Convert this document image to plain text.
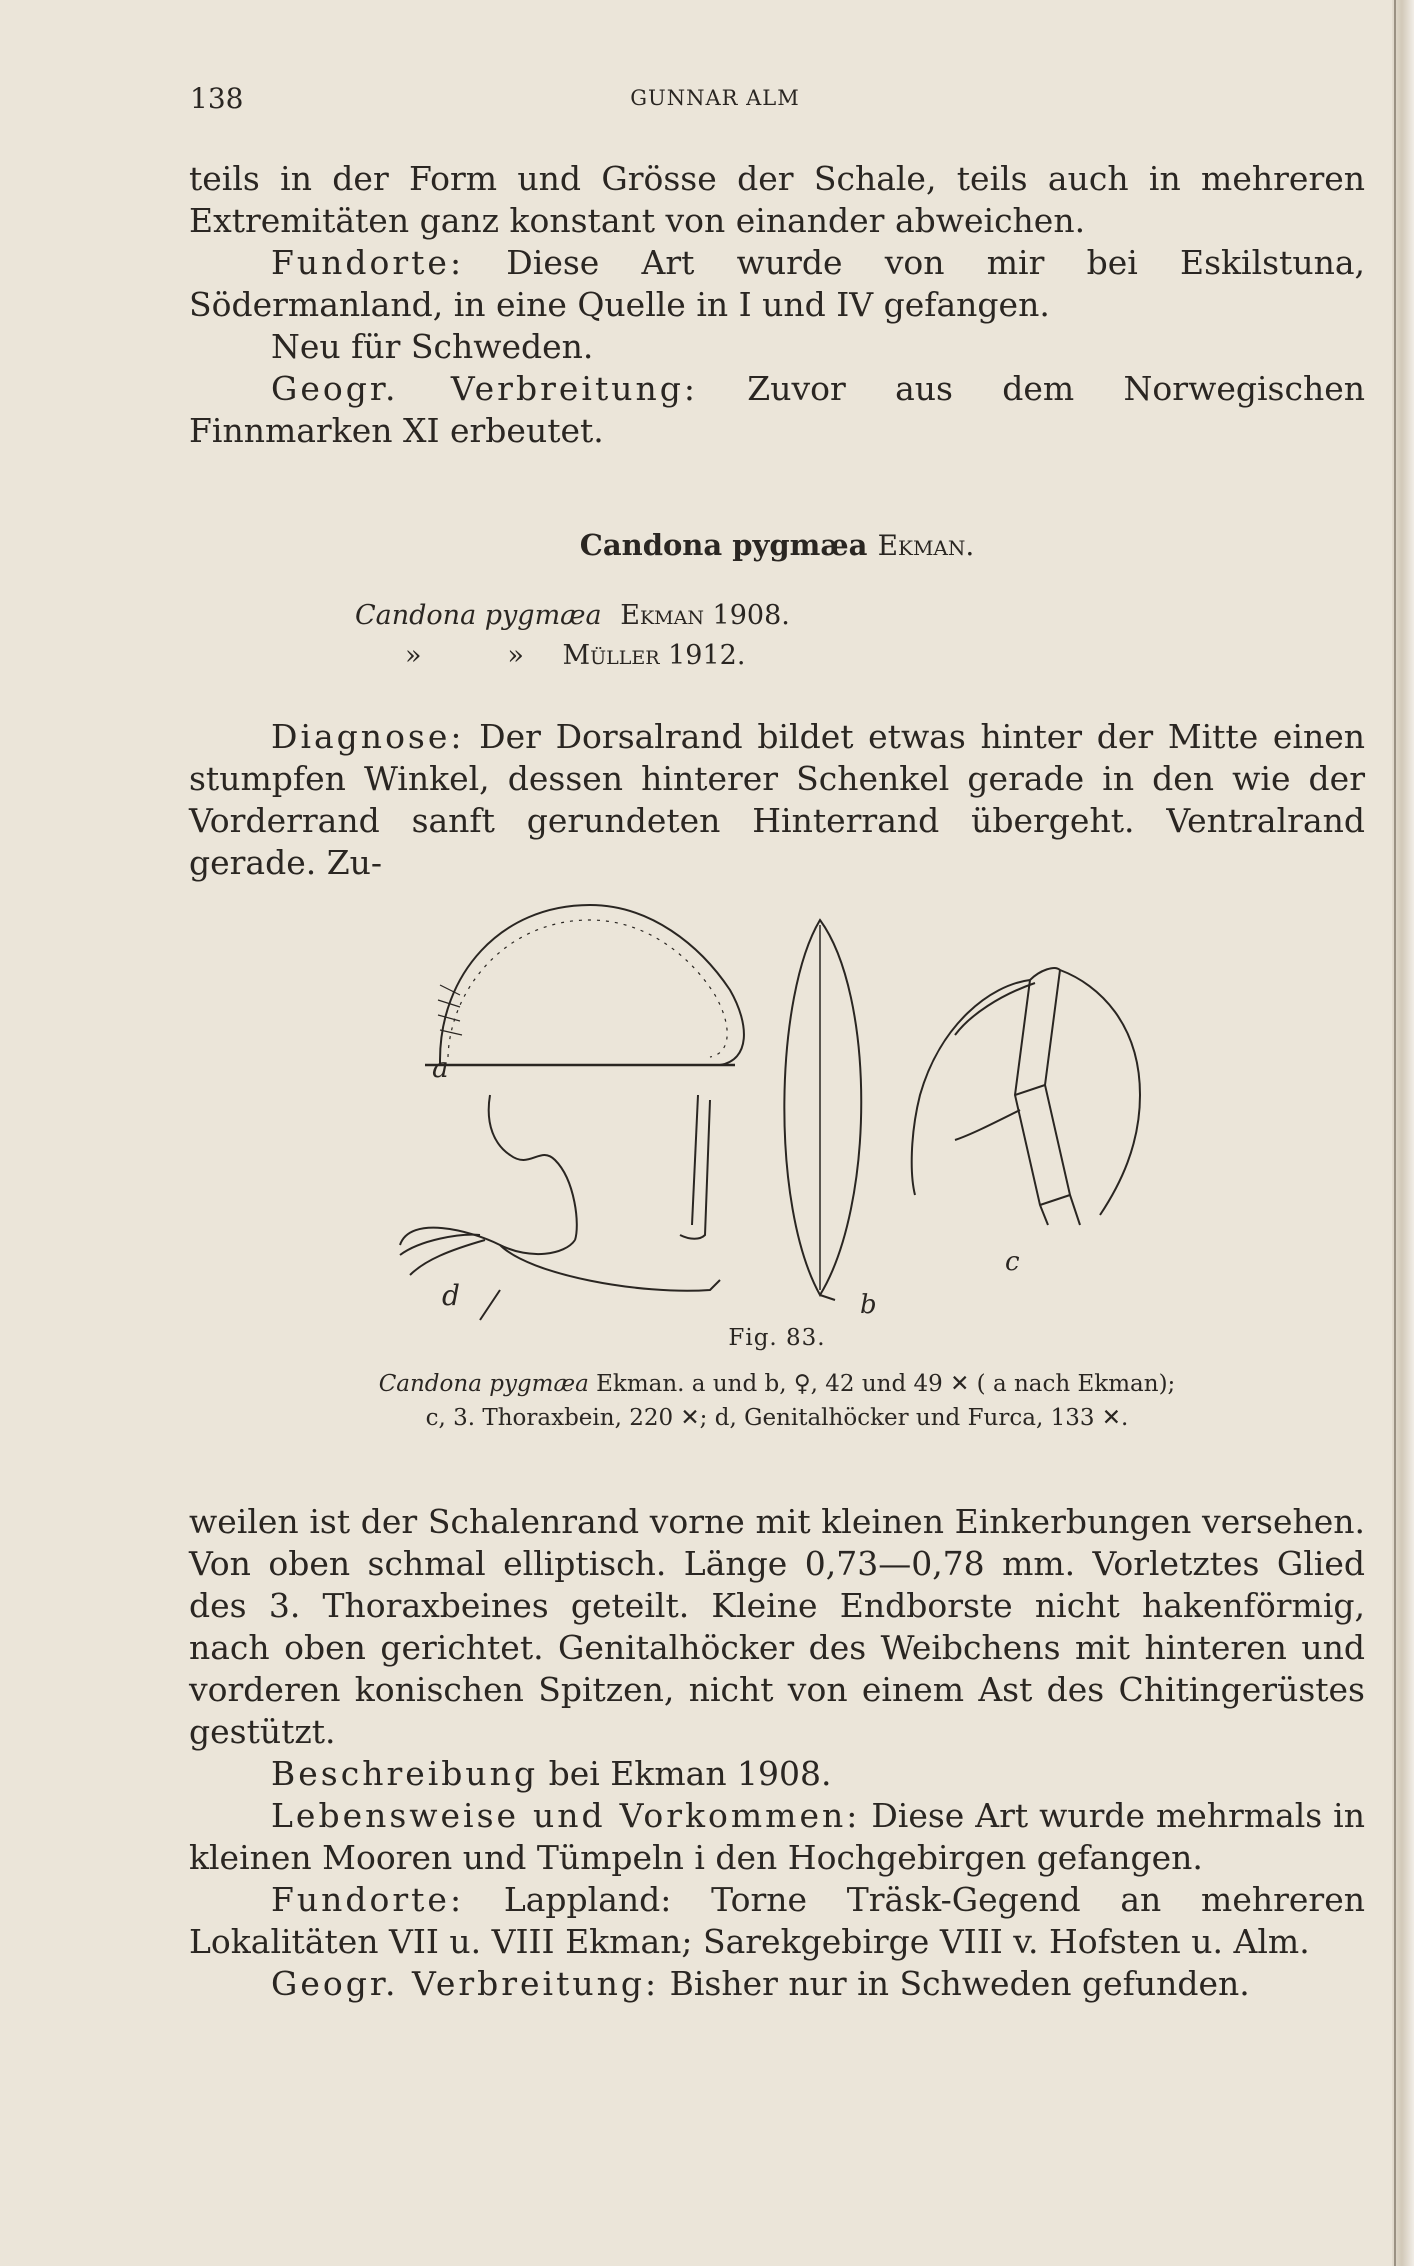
138	GUNNAR ALM

teils in der Form und Grösse der Schale, teils auch in mehreren Extremitäten ganz konstant von einander abweichen.

Fundorte: Diese Art wurde von mir bei Eskilstuna, Södermanland, in eine Quelle in I und IV gefangen.

Neu für Schweden.

Geogr. Verbreitung: Zuvor aus dem Norwegischen Finnmarken XI erbeutet.

Candona pygmæa Ekman.
Candona pygmæa Ekman 1908.
»          » Müller 1912.

Diagnose: Der Dorsalrand bildet etwas hinter der Mitte einen stumpfen Winkel, dessen hinterer Schenkel gerade in den wie der Vorderrand sanft gerundeten Hinterrand übergeht. Ventralrand gerade. Zu-

a
d	b
c
Fig. 83.
Candona pygmæa Ekman. a und b, ♀, 42 und 49 ✕ ( a nach Ekman);
c, 3. Thoraxbein, 220 ✕; d, Genitalhöcker und Furca, 133 ✕.

weilen ist der Schalenrand vorne mit kleinen Einkerbungen versehen. Von oben schmal elliptisch. Länge 0,73—0,78 mm. Vorletztes Glied des 3. Thoraxbeines geteilt. Kleine Endborste nicht hakenförmig, nach oben gerichtet. Genitalhöcker des Weibchens mit hinteren und vorderen konischen Spitzen, nicht von einem Ast des Chitingerüstes gestützt.

Beschreibung bei Ekman 1908.

Lebensweise und Vorkommen: Diese Art wurde mehrmals in kleinen Mooren und Tümpeln i den Hochgebirgen gefangen.

Fundorte: Lappland: Torne Träsk-Gegend an mehreren Lokalitäten VII u. VIII Ekman; Sarekgebirge VIII v. Hofsten u. Alm.

Geogr. Verbreitung: Bisher nur in Schweden gefunden.
